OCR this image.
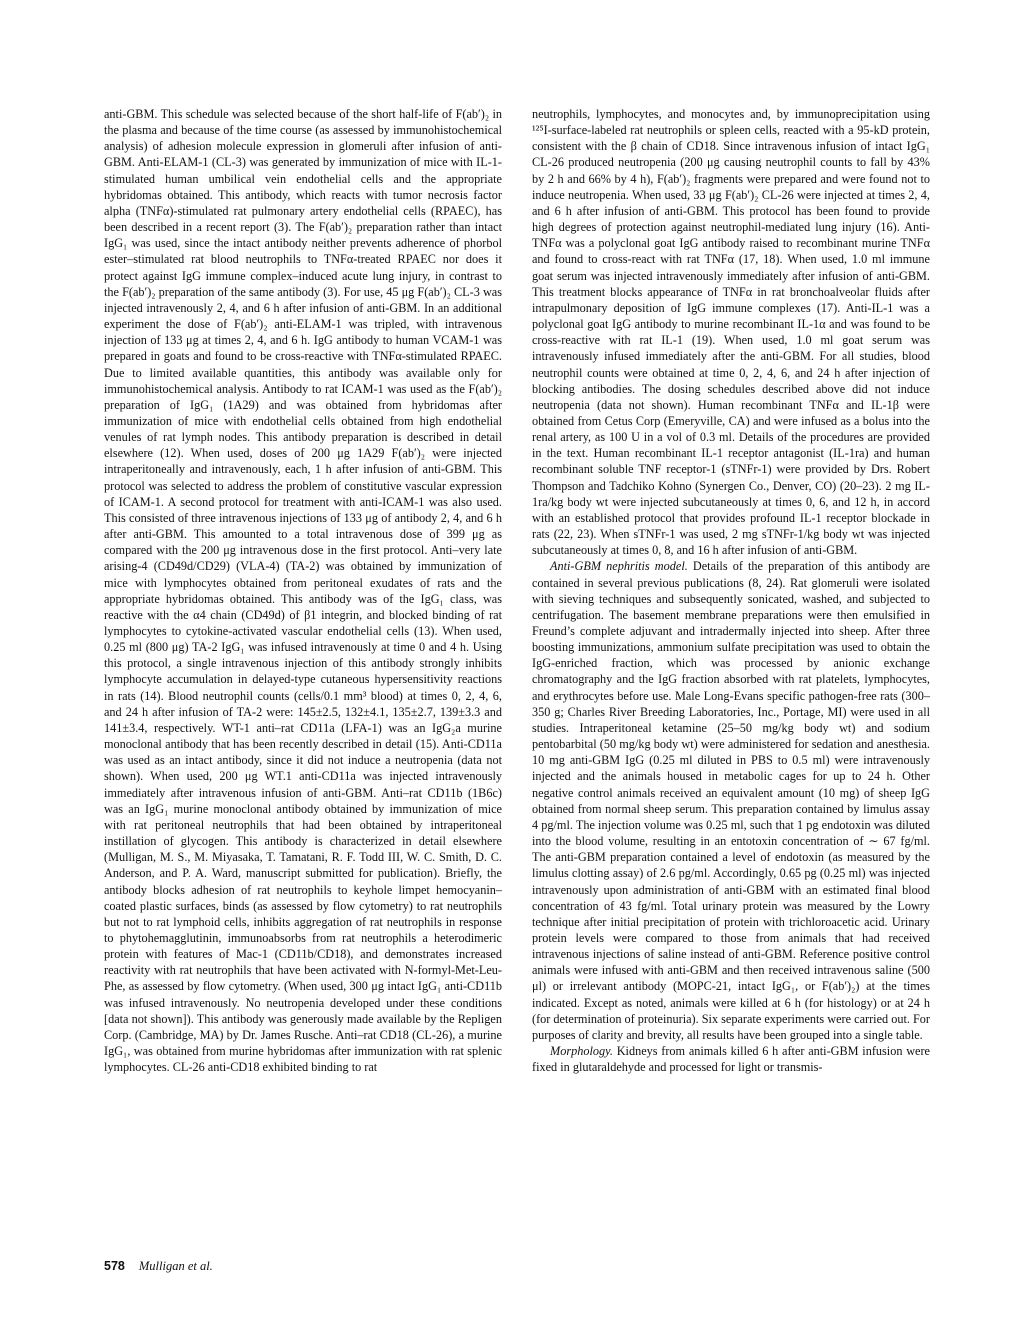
anti-GBM. This schedule was selected because of the short half-life of F(ab′)₂ in the plasma and because of the time course (as assessed by immunohistochemical analysis) of adhesion molecule expression in glomeruli after infusion of anti-GBM. Anti-ELAM-1 (CL-3) was generated by immunization of mice with IL-1-stimulated human umbilical vein endothelial cells and the appropriate hybridomas obtained. This antibody, which reacts with tumor necrosis factor alpha (TNFα)-stimulated rat pulmonary artery endothelial cells (RPAEC), has been described in a recent report (3). The F(ab′)₂ preparation rather than intact IgG₁ was used, since the intact antibody neither prevents adherence of phorbol ester–stimulated rat blood neutrophils to TNFα-treated RPAEC nor does it protect against IgG immune complex–induced acute lung injury, in contrast to the F(ab′)₂ preparation of the same antibody (3). For use, 45 μg F(ab′)₂ CL-3 was injected intravenously 2, 4, and 6 h after infusion of anti-GBM. In an additional experiment the dose of F(ab′)₂ anti-ELAM-1 was tripled, with intravenous injection of 133 μg at times 2, 4, and 6 h. IgG antibody to human VCAM-1 was prepared in goats and found to be cross-reactive with TNFα-stimulated RPAEC. Due to limited available quantities, this antibody was available only for immunohistochemical analysis. Antibody to rat ICAM-1 was used as the F(ab′)₂ preparation of IgG₁ (1A29) and was obtained from hybridomas after immunization of mice with endothelial cells obtained from high endothelial venules of rat lymph nodes. This antibody preparation is described in detail elsewhere (12). When used, doses of 200 μg 1A29 F(ab′)₂ were injected intraperitoneally and intravenously, each, 1 h after infusion of anti-GBM. This protocol was selected to address the problem of constitutive vascular expression of ICAM-1. A second protocol for treatment with anti-ICAM-1 was also used. This consisted of three intravenous injections of 133 μg of antibody 2, 4, and 6 h after anti-GBM. This amounted to a total intravenous dose of 399 μg as compared with the 200 μg intravenous dose in the first protocol. Anti–very late arising-4 (CD49d/CD29) (VLA-4) (TA-2) was obtained by immunization of mice with lymphocytes obtained from peritoneal exudates of rats and the appropriate hybridomas obtained. This antibody was of the IgG₁ class, was reactive with the α4 chain (CD49d) of β1 integrin, and blocked binding of rat lymphocytes to cytokine-activated vascular endothelial cells (13). When used, 0.25 ml (800 μg) TA-2 IgG₁ was infused intravenously at time 0 and 4 h. Using this protocol, a single intravenous injection of this antibody strongly inhibits lymphocyte accumulation in delayed-type cutaneous hypersensitivity reactions in rats (14). Blood neutrophil counts (cells/0.1 mm³ blood) at times 0, 2, 4, 6, and 24 h after infusion of TA-2 were: 145±2.5, 132±4.1, 135±2.7, 139±3.3 and 141±3.4, respectively. WT-1 anti–rat CD11a (LFA-1) was an IgG₂a murine monoclonal antibody that has been recently described in detail (15). Anti-CD11a was used as an intact antibody, since it did not induce a neutropenia (data not shown). When used, 200 μg WT.1 anti-CD11a was injected intravenously immediately after intravenous infusion of anti-GBM. Anti–rat CD11b (1B6c) was an IgG₁ murine monoclonal antibody obtained by immunization of mice with rat peritoneal neutrophils that had been obtained by intraperitoneal instillation of glycogen. This antibody is characterized in detail elsewhere (Mulligan, M. S., M. Miyasaka, T. Tamatani, R. F. Todd III, W. C. Smith, D. C. Anderson, and P. A. Ward, manuscript submitted for publication). Briefly, the antibody blocks adhesion of rat neutrophils to keyhole limpet hemocyanin–coated plastic surfaces, binds (as assessed by flow cytometry) to rat neutrophils but not to rat lymphoid cells, inhibits aggregation of rat neutrophils in response to phytohemagglutinin, immunoabsorbs from rat neutrophils a heterodimeric protein with features of Mac-1 (CD11b/CD18), and demonstrates increased reactivity with rat neutrophils that have been activated with N-formyl-Met-Leu-Phe, as assessed by flow cytometry. (When used, 300 μg intact IgG₁ anti-CD11b was infused intravenously. No neutropenia developed under these conditions [data not shown]). This antibody was generously made available by the Repligen Corp. (Cambridge, MA) by Dr. James Rusche. Anti–rat CD18 (CL-26), a murine IgG₁, was obtained from murine hybridomas after immunization with rat splenic lymphocytes. CL-26 anti-CD18 exhibited binding to rat

neutrophils, lymphocytes, and monocytes and, by immunoprecipitation using ¹²⁵I-surface-labeled rat neutrophils or spleen cells, reacted with a 95-kD protein, consistent with the β chain of CD18. Since intravenous infusion of intact IgG₁ CL-26 produced neutropenia (200 μg causing neutrophil counts to fall by 43% by 2 h and 66% by 4 h), F(ab′)₂ fragments were prepared and were found not to induce neutropenia. When used, 33 μg F(ab′)₂ CL-26 were injected at times 2, 4, and 6 h after infusion of anti-GBM. This protocol has been found to provide high degrees of protection against neutrophil-mediated lung injury (16). Anti-TNFα was a polyclonal goat IgG antibody raised to recombinant murine TNFα and found to cross-react with rat TNFα (17, 18). When used, 1.0 ml immune goat serum was injected intravenously immediately after infusion of anti-GBM. This treatment blocks appearance of TNFα in rat bronchoalveolar fluids after intrapulmonary deposition of IgG immune complexes (17). Anti-IL-1 was a polyclonal goat IgG antibody to murine recombinant IL-1α and was found to be cross-reactive with rat IL-1 (19). When used, 1.0 ml goat serum was intravenously infused immediately after the anti-GBM. For all studies, blood neutrophil counts were obtained at time 0, 2, 4, 6, and 24 h after injection of blocking antibodies. The dosing schedules described above did not induce neutropenia (data not shown). Human recombinant TNFα and IL-1β were obtained from Cetus Corp (Emeryville, CA) and were infused as a bolus into the renal artery, as 100 U in a vol of 0.3 ml. Details of the procedures are provided in the text. Human recombinant IL-1 receptor antagonist (IL-1ra) and human recombinant soluble TNF receptor-1 (sTNFr-1) were provided by Drs. Robert Thompson and Tadchiko Kohno (Synergen Co., Denver, CO) (20–23). 2 mg IL-1ra/kg body wt were injected subcutaneously at times 0, 6, and 12 h, in accord with an established protocol that provides profound IL-1 receptor blockade in rats (22, 23). When sTNFr-1 was used, 2 mg sTNFr-1/kg body wt was injected subcutaneously at times 0, 8, and 16 h after infusion of anti-GBM.

Anti-GBM nephritis model. Details of the preparation of this antibody are contained in several previous publications (8, 24). Rat glomeruli were isolated with sieving techniques and subsequently sonicated, washed, and subjected to centrifugation. The basement membrane preparations were then emulsified in Freund’s complete adjuvant and intradermally injected into sheep. After three boosting immunizations, ammonium sulfate precipitation was used to obtain the IgG-enriched fraction, which was processed by anionic exchange chromatography and the IgG fraction absorbed with rat platelets, lymphocytes, and erythrocytes before use. Male Long-Evans specific pathogen-free rats (300–350 g; Charles River Breeding Laboratories, Inc., Portage, MI) were used in all studies. Intraperitoneal ketamine (25–50 mg/kg body wt) and sodium pentobarbital (50 mg/kg body wt) were administered for sedation and anesthesia. 10 mg anti-GBM IgG (0.25 ml diluted in PBS to 0.5 ml) were intravenously injected and the animals housed in metabolic cages for up to 24 h. Other negative control animals received an equivalent amount (10 mg) of sheep IgG obtained from normal sheep serum. This preparation contained by limulus assay 4 pg/ml. The injection volume was 0.25 ml, such that 1 pg endotoxin was diluted into the blood volume, resulting in an entotoxin concentration of ∼ 67 fg/ml. The anti-GBM preparation contained a level of endotoxin (as measured by the limulus clotting assay) of 2.6 pg/ml. Accordingly, 0.65 pg (0.25 ml) was injected intravenously upon administration of anti-GBM with an estimated final blood concentration of 43 fg/ml. Total urinary protein was measured by the Lowry technique after initial precipitation of protein with trichloroacetic acid. Urinary protein levels were compared to those from animals that had received intravenous injections of saline instead of anti-GBM. Reference positive control animals were infused with anti-GBM and then received intravenous saline (500 μl) or irrelevant antibody (MOPC-21, intact IgG₁, or F(ab′)₂) at the times indicated. Except as noted, animals were killed at 6 h (for histology) or at 24 h (for determination of proteinuria). Six separate experiments were carried out. For purposes of clarity and brevity, all results have been grouped into a single table.

Morphology. Kidneys from animals killed 6 h after anti-GBM infusion were fixed in glutaraldehyde and processed for light or transmis-

578 Mulligan et al.
